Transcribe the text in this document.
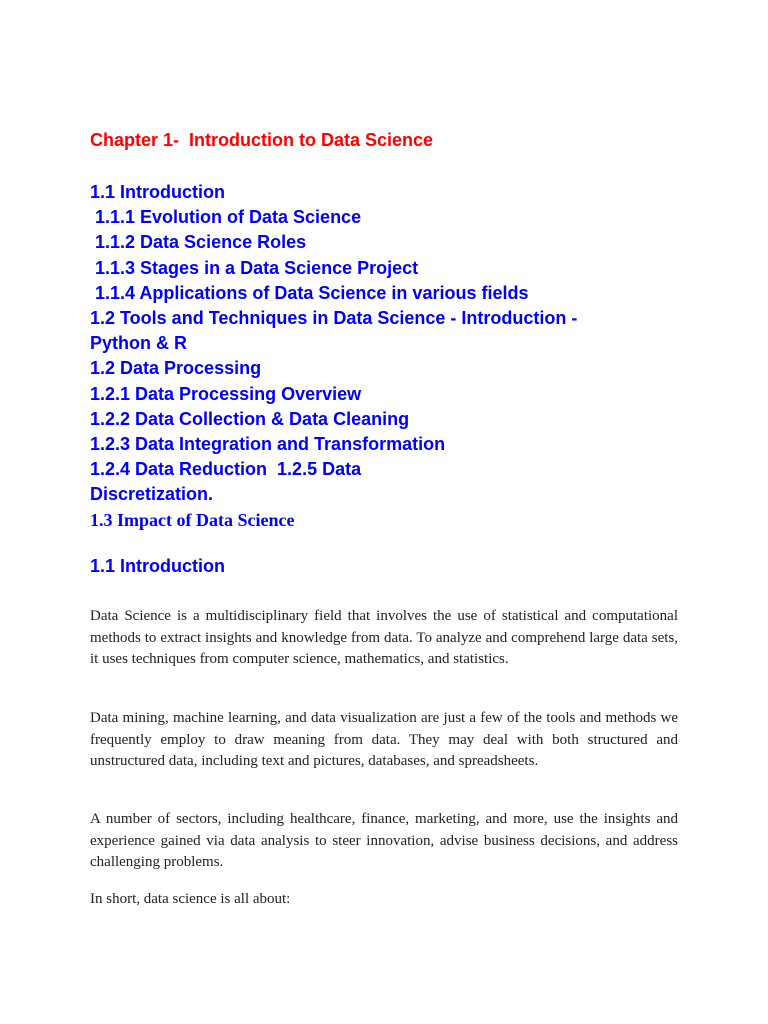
Chapter 1-  Introduction to Data Science
1.1 Introduction
1.1.1 Evolution of Data Science
1.1.2 Data Science Roles
1.1.3 Stages in a Data Science Project
1.1.4 Applications of Data Science in various fields
1.2 Tools and Techniques in Data Science - Introduction - Python & R
1.2 Data Processing
1.2.1 Data Processing Overview
1.2.2 Data Collection & Data Cleaning
1.2.3 Data Integration and Transformation
1.2.4 Data Reduction  1.2.5 Data
Discretization.
1.3 Impact of Data Science
1.1 Introduction

Data Science is a multidisciplinary field that involves the use of statistical and computational methods to extract insights and knowledge from data. To analyze and comprehend large data sets, it uses techniques from computer science, mathematics, and statistics.

Data mining, machine learning, and data visualization are just a few of the tools and methods we frequently employ to draw meaning from data. They may deal with both structured and unstructured data, including text and pictures, databases, and spreadsheets.

A number of sectors, including healthcare, finance, marketing, and more, use the insights and experience gained via data analysis to steer innovation, advise business decisions, and address challenging problems.

In short, data science is all about:
